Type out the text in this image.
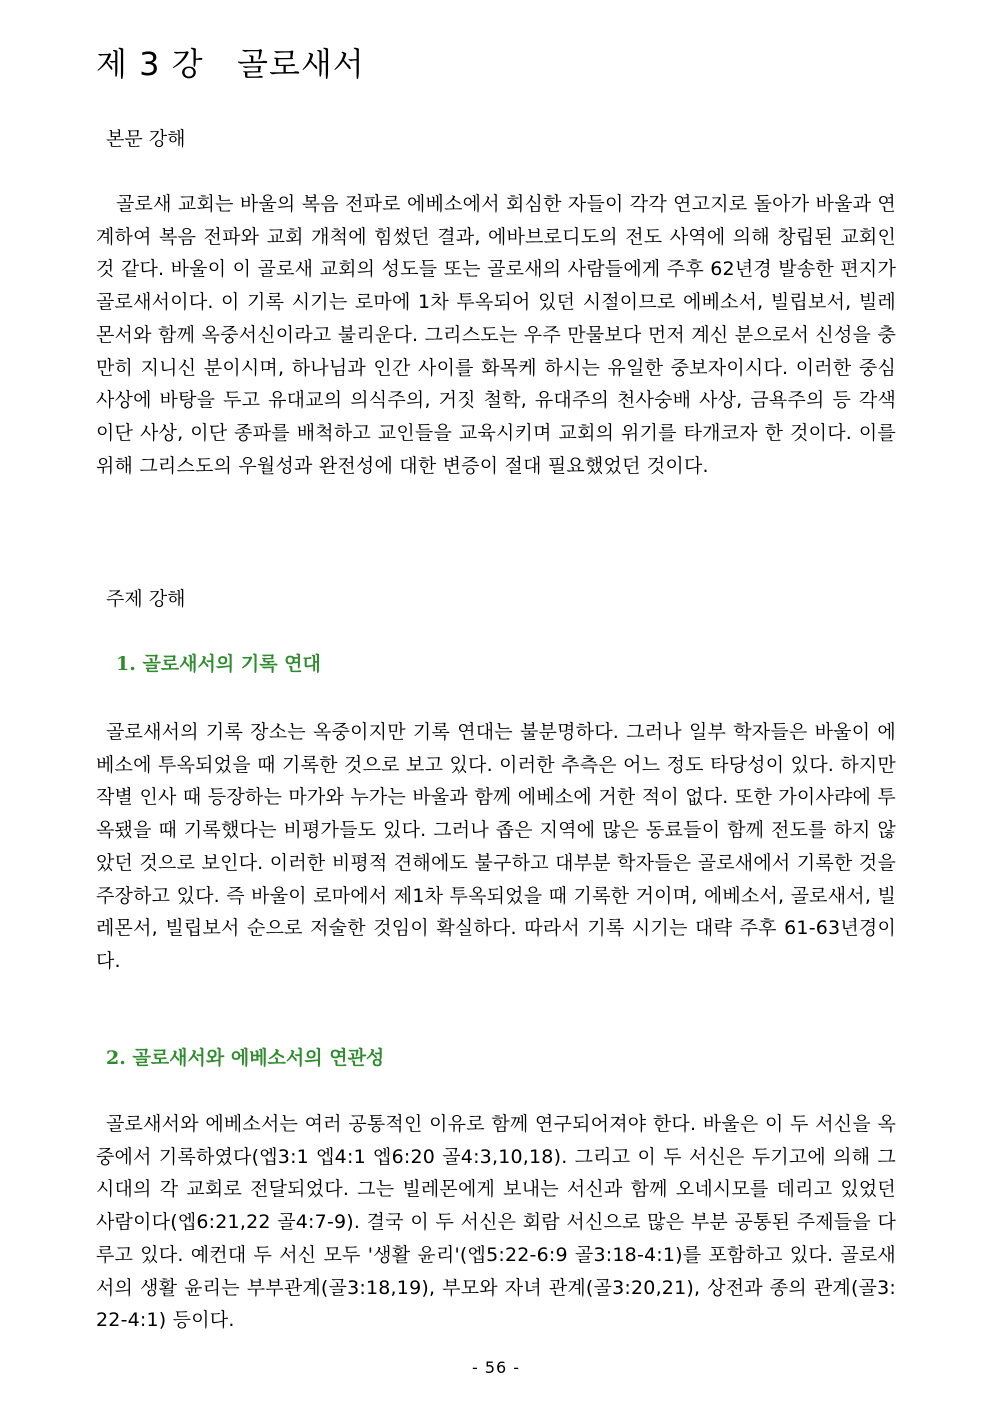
제 3 강   골로새서
본문 강해

골로새 교회는 바울의 복음 전파로 에베소에서 회심한 자들이 각각 연고지로 돌아가 바울과 연계하여 복음 전파와 교회 개척에 힘썼던 결과, 에바브로디도의 전도 사역에 의해 창립된 교회인것 같다. 바울이 이 골로새 교회의 성도들 또는 골로새의 사람들에게 주후 62년경 발송한 편지가 골로새서이다. 이 기록 시기는 로마에 1차 투옥되어 있던 시절이므로 에베소서, 빌립보서, 빌레몬서와 함께 옥중서신이라고 불리운다. 그리스도는 우주 만물보다 먼저 계신 분으로서 신성을 충만히 지니신 분이시며, 하나님과 인간 사이를 화목케 하시는 유일한 중보자이시다. 이러한 중심 사상에 바탕을 두고 유대교의 의식주의, 거짓 철학, 유대주의 천사숭배 사상, 금욕주의 등 각색 이단 사상, 이단 종파를 배척하고 교인들을 교육시키며 교회의 위기를 타개코자 한 것이다. 이를 위해 그리스도의 우월성과 완전성에 대한 변증이 절대 필요했었던 것이다.

주제 강해
1. 골로새서의 기록 연대

골로새서의 기록 장소는 옥중이지만 기록 연대는 불분명하다. 그러나 일부 학자들은 바울이 에베소에 투옥되었을 때 기록한 것으로 보고 있다. 이러한 추측은 어느 정도 타당성이 있다. 하지만 작별 인사 때 등장하는 마가와 누가는 바울과 함께 에베소에 거한 적이 없다. 또한 가이사랴에 투옥됐을 때 기록했다는 비평가들도 있다. 그러나 좁은 지역에 많은 동료들이 함께 전도를 하지 않았던 것으로 보인다. 이러한 비평적 견해에도 불구하고 대부분 학자들은 골로새에서 기록한 것을 주장하고 있다. 즉 바울이 로마에서 제1차 투옥되었을 때 기록한 거이며, 에베소서, 골로새서, 빌레몬서, 빌립보서 순으로 저술한 것임이 확실하다. 따라서 기록 시기는 대략 주후 61-63년경이다.

2. 골로새서와 에베소서의 연관성

골로새서와 에베소서는 여러 공통적인 이유로 함께 연구되어져야 한다. 바울은 이 두 서신을 옥중에서 기록하였다(엡3:1 엡4:1 엡6:20 골4:3,10,18). 그리고 이 두 서신은 두기고에 의해 그 시대의 각 교회로 전달되었다. 그는 빌레몬에게 보내는 서신과 함께 오네시모를 데리고 있었던 사람이다(엡6:21,22 골4:7-9). 결국 이 두 서신은 회람 서신으로 많은 부분 공통된 주제들을 다루고 있다. 예컨대 두 서신 모두 '생활 윤리'(엡5:22-6:9 골3:18-4:1)를 포함하고 있다. 골로새서의 생활 윤리는 부부관계(골3:18,19), 부모와 자녀 관계(골3:20,21), 상전과 종의 관계(골3:22-4:1) 등이다.

- 56 -
